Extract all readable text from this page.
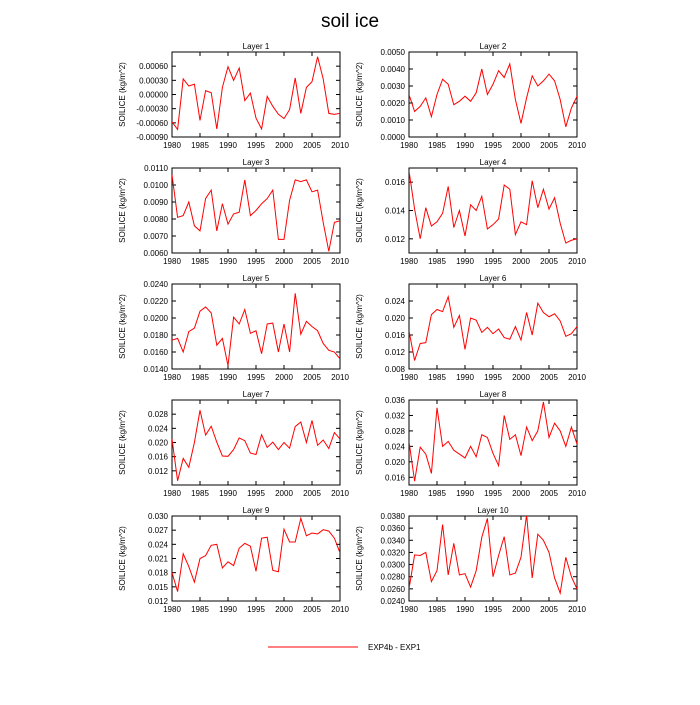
soil ice
Layer 1
1980 1985 1990 1995 2000 2005 2010
-0.00090
-0.00060
-0.00030
0.00000
0.00030
0.00060
SOILICE (kg/m^2)
Layer 2
1980 1985 1990 1995 2000 2005 2010
0.0000
0.0010
0.0020
0.0030
0.0040
0.0050
SOILICE (kg/m^2)
Layer 3
1980 1985 1990 1995 2000 2005 2010
0.0060
0.0070
0.0080
0.0090
0.0100
0.0110
SOILICE (kg/m^2)
Layer 4
1980 1985 1990 1995 2000 2005 2010
0.012
0.014
0.016
SOILICE (kg/m^2)
Layer 5
1980 1985 1990 1995 2000 2005 2010
0.0140
0.0160
0.0180
0.0200
0.0220
0.0240
SOILICE (kg/m^2)
Layer 6
1980 1985 1990 1995 2000 2005 2010
0.008
0.012
0.016
0.020
0.024
SOILICE (kg/m^2)
Layer 7
1980 1985 1990 1995 2000 2005 2010
0.012
0.016
0.020
0.024
0.028
SOILICE (kg/m^2)
Layer 8
1980 1985 1990 1995 2000 2005 2010
0.016
0.020
0.024
0.028
0.032
0.036
SOILICE (kg/m^2)
Layer 9
1980 1985 1990 1995 2000 2005 2010
0.012
0.015
0.018
0.021
0.024
0.027
0.030
SOILICE (kg/m^2)
Layer 10
1980 1985 1990 1995 2000 2005 2010
0.0240
0.0260
0.0280
0.0300
0.0320
0.0340
0.0360
0.0380
SOILICE (kg/m^2)
EXP4b - EXP1
